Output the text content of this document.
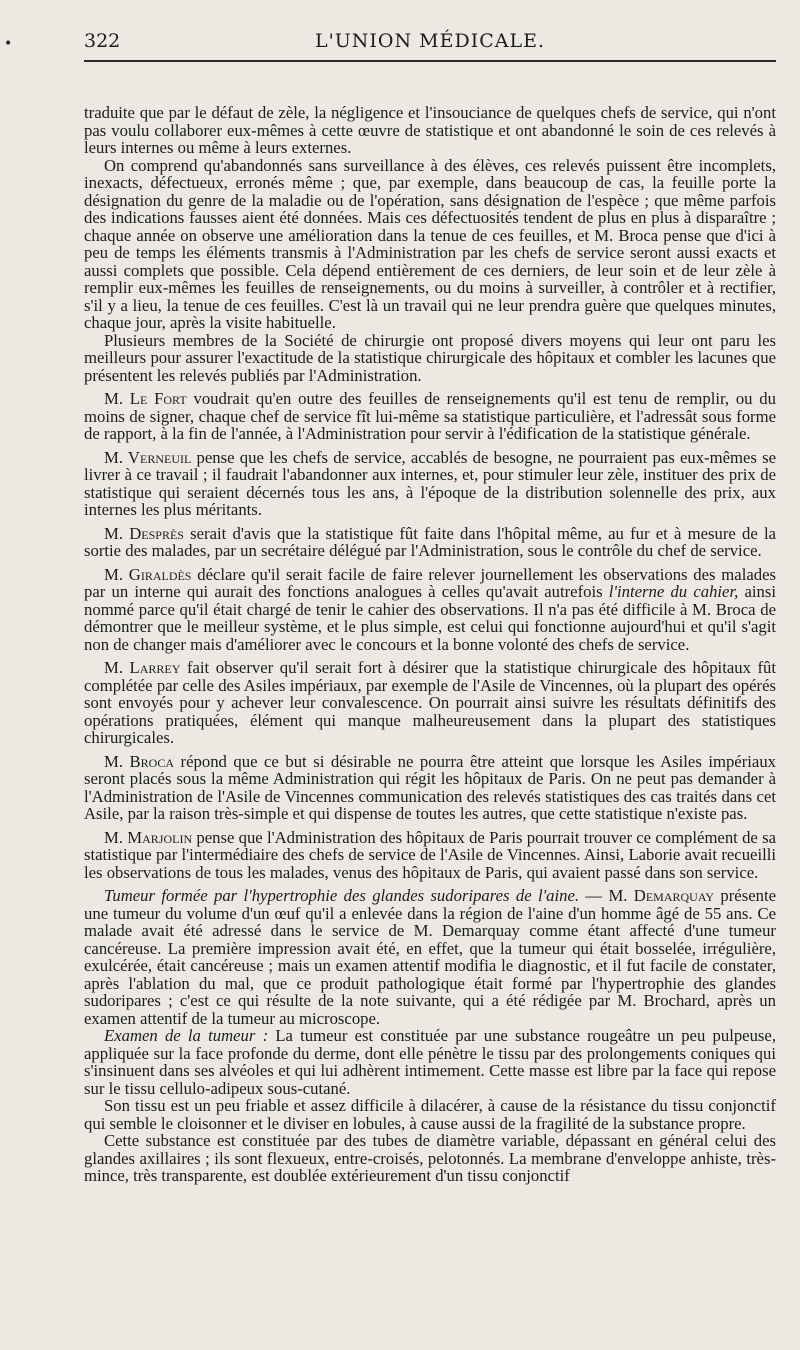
•	322	L'UNION MÉDICALE.

traduite que par le défaut de zèle, la négligence et l'insouciance de quelques chefs de service, qui n'ont pas voulu collaborer eux-mêmes à cette œuvre de statistique et ont abandonné le soin de ces relevés à leurs internes ou même à leurs externes.

On comprend qu'abandonnés sans surveillance à des élèves, ces relevés puissent être incomplets, inexacts, défectueux, erronés même ; que, par exemple, dans beaucoup de cas, la feuille porte la désignation du genre de la maladie ou de l'opération, sans désignation de l'espèce ; que même parfois des indications fausses aient été données. Mais ces défectuosités tendent de plus en plus à disparaître ; chaque année on observe une amélioration dans la tenue de ces feuilles, et M. Broca pense que d'ici à peu de temps les éléments transmis à l'Administration par les chefs de service seront aussi exacts et aussi complets que possible. Cela dépend entièrement de ces derniers, de leur soin et de leur zèle à remplir eux-mêmes les feuilles de renseignements, ou du moins à surveiller, à contrôler et à rectifier, s'il y a lieu, la tenue de ces feuilles. C'est là un travail qui ne leur prendra guère que quelques minutes, chaque jour, après la visite habituelle.

Plusieurs membres de la Société de chirurgie ont proposé divers moyens qui leur ont paru les meilleurs pour assurer l'exactitude de la statistique chirurgicale des hôpitaux et combler les lacunes que présentent les relevés publiés par l'Administration.

M. Le Fort voudrait qu'en outre des feuilles de renseignements qu'il est tenu de remplir, ou du moins de signer, chaque chef de service fît lui-même sa statistique particulière, et l'adressât sous forme de rapport, à la fin de l'année, à l'Administration pour servir à l'édification de la statistique générale.

M. Verneuil pense que les chefs de service, accablés de besogne, ne pourraient pas eux-mêmes se livrer à ce travail ; il faudrait l'abandonner aux internes, et, pour stimuler leur zèle, instituer des prix de statistique qui seraient décernés tous les ans, à l'époque de la distribution solennelle des prix, aux internes les plus méritants.

M. Desprès serait d'avis que la statistique fût faite dans l'hôpital même, au fur et à mesure de la sortie des malades, par un secrétaire délégué par l'Administration, sous le contrôle du chef de service.

M. Giraldès déclare qu'il serait facile de faire relever journellement les observations des malades par un interne qui aurait des fonctions analogues à celles qu'avait autrefois l'interne du cahier, ainsi nommé parce qu'il était chargé de tenir le cahier des observations. Il n'a pas été difficile à M. Broca de démontrer que le meilleur système, et le plus simple, est celui qui fonctionne aujourd'hui et qu'il s'agit non de changer mais d'améliorer avec le concours et la bonne volonté des chefs de service.

M. Larrey fait observer qu'il serait fort à désirer que la statistique chirurgicale des hôpitaux fût complétée par celle des Asiles impériaux, par exemple de l'Asile de Vincennes, où la plupart des opérés sont envoyés pour y achever leur convalescence. On pourrait ainsi suivre les résultats définitifs des opérations pratiquées, élément qui manque malheureusement dans la plupart des statistiques chirurgicales.

M. Broca répond que ce but si désirable ne pourra être atteint que lorsque les Asiles impériaux seront placés sous la même Administration qui régit les hôpitaux de Paris. On ne peut pas demander à l'Administration de l'Asile de Vincennes communication des relevés statistiques des cas traités dans cet Asile, par la raison très-simple et qui dispense de toutes les autres, que cette statistique n'existe pas.

M. Marjolin pense que l'Administration des hôpitaux de Paris pourrait trouver ce complément de sa statistique par l'intermédiaire des chefs de service de l'Asile de Vincennes. Ainsi, Laborie avait recueilli les observations de tous les malades, venus des hôpitaux de Paris, qui avaient passé dans son service.

Tumeur formée par l'hypertrophie des glandes sudoripares de l'aine. — M. Demarquay présente une tumeur du volume d'un œuf qu'il a enlevée dans la région de l'aine d'un homme âgé de 55 ans. Ce malade avait été adressé dans le service de M. Demarquay comme étant affecté d'une tumeur cancéreuse. La première impression avait été, en effet, que la tumeur qui était bosselée, irrégulière, exulcérée, était cancéreuse ; mais un examen attentif modifia le diagnostic, et il fut facile de constater, après l'ablation du mal, que ce produit pathologique était formé par l'hypertrophie des glandes sudoripares ; c'est ce qui résulte de la note suivante, qui a été rédigée par M. Brochard, après un examen attentif de la tumeur au microscope.

Examen de la tumeur : La tumeur est constituée par une substance rougeâtre un peu pulpeuse, appliquée sur la face profonde du derme, dont elle pénètre le tissu par des prolongements coniques qui s'insinuent dans ses alvéoles et qui lui adhèrent intimement. Cette masse est libre par la face qui repose sur le tissu cellulo-adipeux sous-cutané.

Son tissu est un peu friable et assez difficile à dilacérer, à cause de la résistance du tissu conjonctif qui semble le cloisonner et le diviser en lobules, à cause aussi de la fragilité de la substance propre.

Cette substance est constituée par des tubes de diamètre variable, dépassant en général celui des glandes axillaires ; ils sont flexueux, entre-croisés, pelotonnés. La membrane d'enveloppe anhiste, très-mince, très transparente, est doublée extérieurement d'un tissu conjonctif
